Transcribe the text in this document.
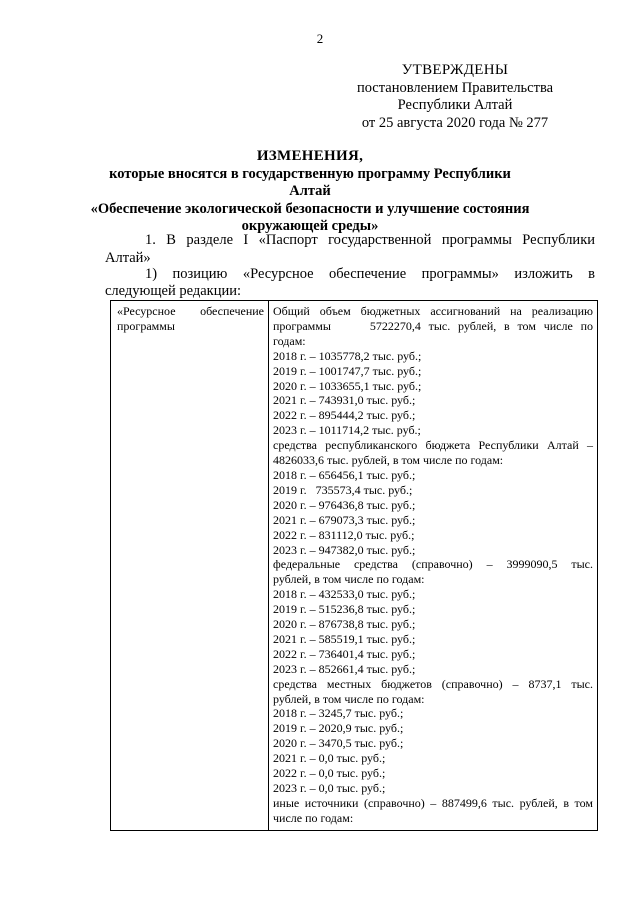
2
УТВЕРЖДЕНЫ
постановлением Правительства
Республики Алтай
от 25 августа 2020 года № 277
ИЗМЕНЕНИЯ,
которые вносятся в государственную программу Республики Алтай
«Обеспечение экологической безопасности и улучшение состояния
окружающей среды»
1. В разделе I «Паспорт государственной программы Республики Алтай»
1) позицию «Ресурсное обеспечение программы» изложить в
следующей редакции:
«Ресурсное обеспечение
программы
Общий объем бюджетных ассигнований на реализацию
программы     5722270,4 тыс. рублей, в том числе по
годам:
2018 г. – 1035778,2 тыс. руб.;
2019 г. – 1001747,7 тыс. руб.;
2020 г. – 1033655,1 тыс. руб.;
2021 г. – 743931,0 тыс. руб.;
2022 г. – 895444,2 тыс. руб.;
2023 г. – 1011714,2 тыс. руб.;
средства республиканского бюджета Республики Алтай –
4826033,6 тыс. рублей, в том числе по годам:
2018 г. – 656456,1 тыс. руб.;
2019 г.   735573,4 тыс. руб.;
2020 г. – 976436,8 тыс. руб.;
2021 г. – 679073,3 тыс. руб.;
2022 г. – 831112,0 тыс. руб.;
2023 г. – 947382,0 тыс. руб.;
федеральные средства (справочно) – 3999090,5 тыс.
рублей, в том числе по годам:
2018 г. – 432533,0 тыс. руб.;
2019 г. – 515236,8 тыс. руб.;
2020 г. – 876738,8 тыс. руб.;
2021 г. – 585519,1 тыс. руб.;
2022 г. – 736401,4 тыс. руб.;
2023 г. – 852661,4 тыс. руб.;
средства местных бюджетов (справочно) – 8737,1 тыс.
рублей, в том числе по годам:
2018 г. – 3245,7 тыс. руб.;
2019 г. – 2020,9 тыс. руб.;
2020 г. – 3470,5 тыс. руб.;
2021 г. – 0,0 тыс. руб.;
2022 г. – 0,0 тыс. руб.;
2023 г. – 0,0 тыс. руб.;
иные источники (справочно) – 887499,6 тыс. рублей, в том
числе по годам:
